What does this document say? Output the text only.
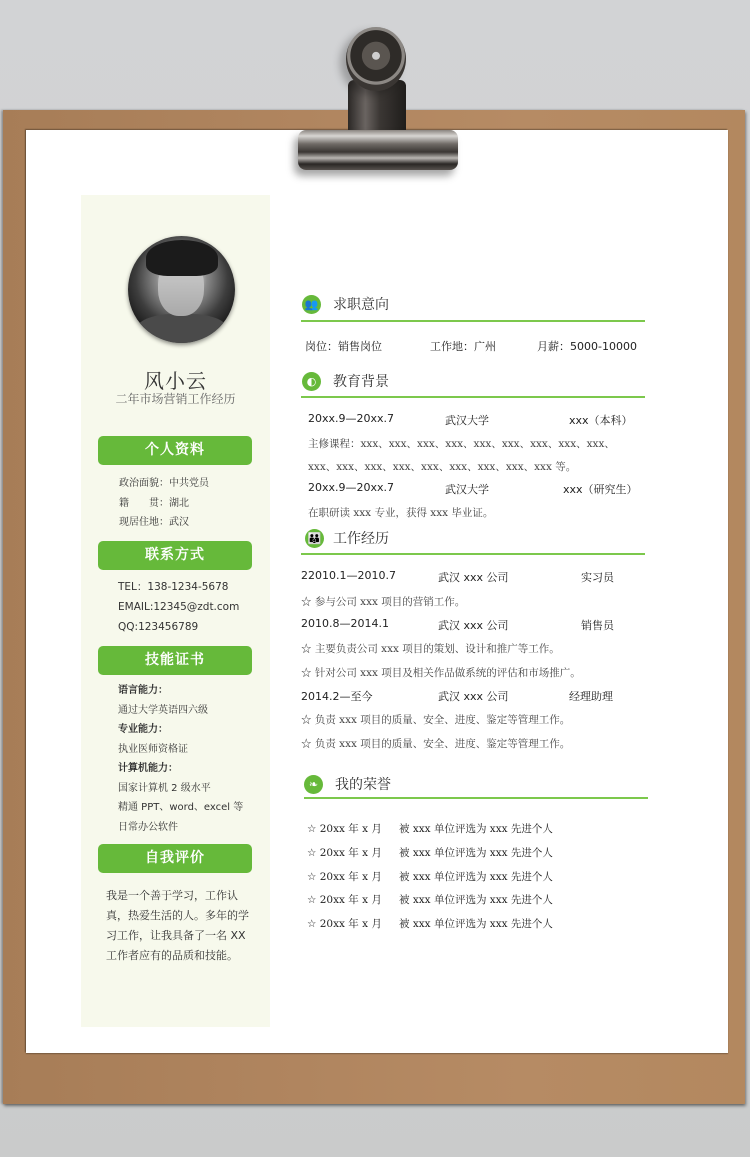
风小云
二年市场营销工作经历
个人资料
政治面貌：中共党员
籍　　贯：湖北
现居住地：武汉
联系方式
TEL：138-1234-5678
EMAIL:12345@zdt.com
QQ:123456789
技能证书
语言能力：
通过大学英语四六级
专业能力：
执业医师资格证
计算机能力：
国家计算机 2 级水平
精通 PPT、word、excel 等
日常办公软件
自我评价
我是一个善于学习，工作认真，热爱生活的人。多年的学习工作，让我具备了一名 XX 工作者应有的品质和技能。
👥 求职意向
岗位：销售岗位	工作地：广州	月薪：5000-10000
◐	教育背景
20xx.9—20xx.7	武汉大学	xxx（本科）
主修课程：xxx、xxx、xxx、xxx、xxx、xxx、xxx、xxx、xxx、
xxx、xxx、xxx、xxx、xxx、xxx、xxx、xxx、xxx 等。
20xx.9—20xx.7	武汉大学	xxx（研究生）
在职研读 xxx 专业，获得 xxx 毕业证。
👪 工作经历
22010.1—2010.7	武汉 xxx 公司	实习员
☆ 参与公司 xxx 项目的营销工作。
2010.8—2014.1	武汉 xxx 公司	销售员
☆ 主要负责公司 xxx 项目的策划、设计和推广等工作。
☆ 针对公司 xxx 项目及相关作品做系统的评估和市场推广。
2014.2—至今	武汉 xxx 公司	经理助理
☆ 负责 xxx 项目的质量、安全、进度、鉴定等管理工作。
☆ 负责 xxx 项目的质量、安全、进度、鉴定等管理工作。
❧	我的荣誉
☆ 20xx 年 x 月 被 xxx 单位评选为 xxx 先进个人
☆ 20xx 年 x 月 被 xxx 单位评选为 xxx 先进个人
☆ 20xx 年 x 月 被 xxx 单位评选为 xxx 先进个人
☆ 20xx 年 x 月 被 xxx 单位评选为 xxx 先进个人
☆ 20xx 年 x 月 被 xxx 单位评选为 xxx 先进个人
